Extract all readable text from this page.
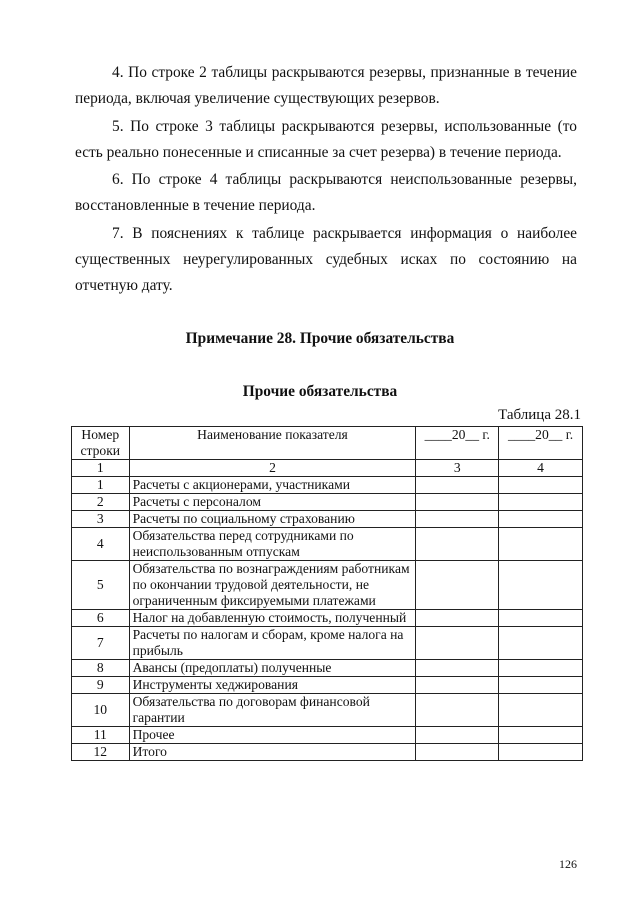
4. По строке 2 таблицы раскрываются резервы, признанные в течение периода, включая увеличение существующих резервов.

5. По строке 3 таблицы раскрываются резервы, использованные (то есть реально понесенные и списанные за счет резерва) в течение периода.

6. По строке 4 таблицы раскрываются неиспользованные резервы, восстановленные в течение периода.

7. В пояснениях к таблице раскрывается информация о наиболее существенных неурегулированных судебных исках по состоянию на отчетную дату.

Примечание 28. Прочие обязательства

Прочие обязательства

Таблица 28.1
Номер строки	Наименование показателя	____20__ г.	____20__ г.
1	2	3	4
1	Расчеты с акционерами, участниками		
2	Расчеты с персоналом		
3	Расчеты по социальному страхованию		
4	Обязательства перед сотрудниками по неиспользованным отпускам		
5	Обязательства по вознаграждениям работникам по окончании трудовой деятельности, не ограниченным фиксируемыми платежами		
6	Налог на добавленную стоимость, полученный		
7	Расчеты по налогам и сборам, кроме налога на прибыль		
8	Авансы (предоплаты) полученные		
9	Инструменты хеджирования		
10	Обязательства по договорам финансовой гарантии		
11	Прочее		
12	Итого		
126
